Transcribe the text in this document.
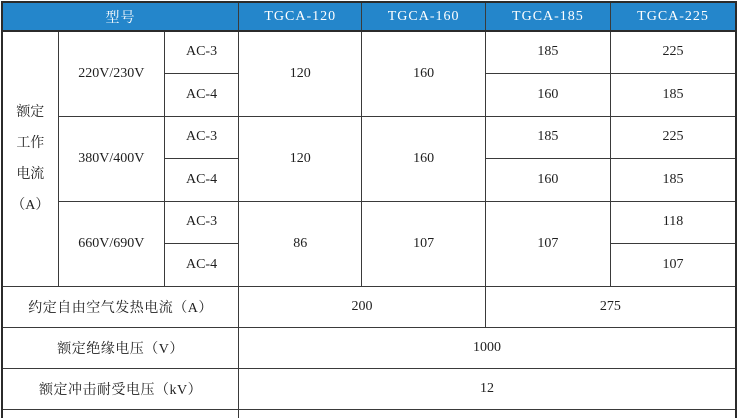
型号			TGCA-120	TGCA-160	TGCA-185	TGCA-225

额定
工作
电流
（A）	220V/230V	AC-3	120	160	185	225
		AC-4			160	185
	380V/400V	AC-3	120	160	185	225
		AC-4			160	185
	660V/690V	AC-3	86	107	107	118
		AC-4				107
约定自由空气发热电流（A）			200		275	
额定绝缘电压（V）			1000			
额定冲击耐受电压（kV）			12			
